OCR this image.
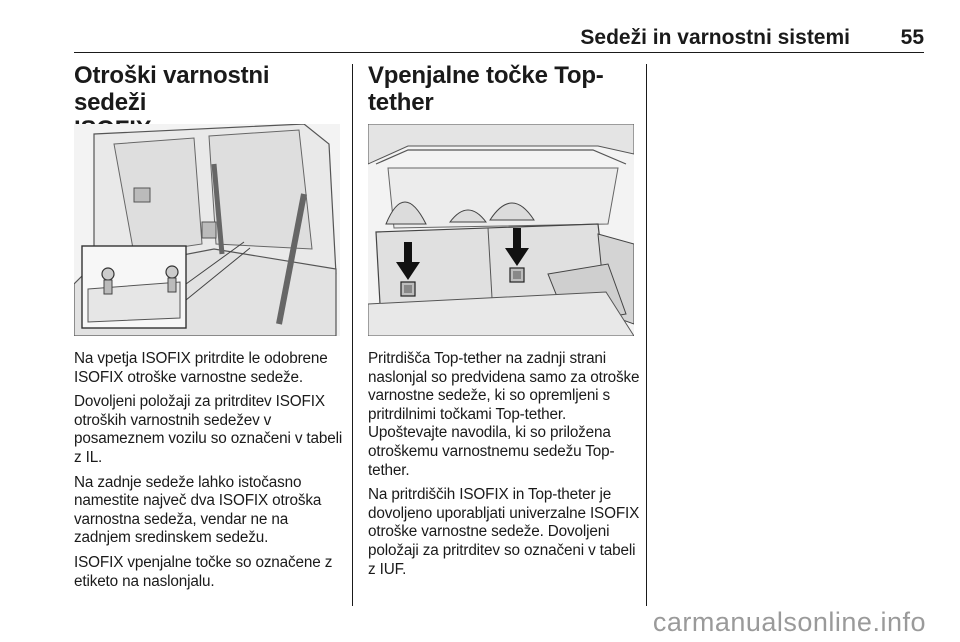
Sedeži in varnostni sistemi 55
Otroški varnostni sedeži

Na vpetja ISOFIX pritrdite le odobrene ISOFIX otroške varnostne sedeže.

Dovoljeni položaji za pritrditev ISOFIX otroških varnostnih sedežev v posameznem vozilu so označeni v tabeli z IL.

Na zadnje sedeže lahko istočasno namestite največ dva ISOFIX otroška varnostna sedeža, vendar ne na zadnjem sredinskem sedežu.

ISOFIX vpenjalne točke so označene z etiketo na naslonjalu.

Vpenjalne točke Top-tether

Pritrdišča Top-tether na zadnji strani naslonjal so predvidena samo za otroške varnostne sedeže, ki so opremljeni s pritrdilnimi točkami Top-tether. Upoštevajte navodila, ki so priložena otroškemu varnostnemu sedežu Top-tether.

Na pritrdiščih ISOFIX in Top-theter je dovoljeno uporabljati univerzalne ISOFIX otroške varnostne sedeže. Dovoljeni položaji za pritrditev so označeni v tabeli z IUF.

carmanualsonline.info
